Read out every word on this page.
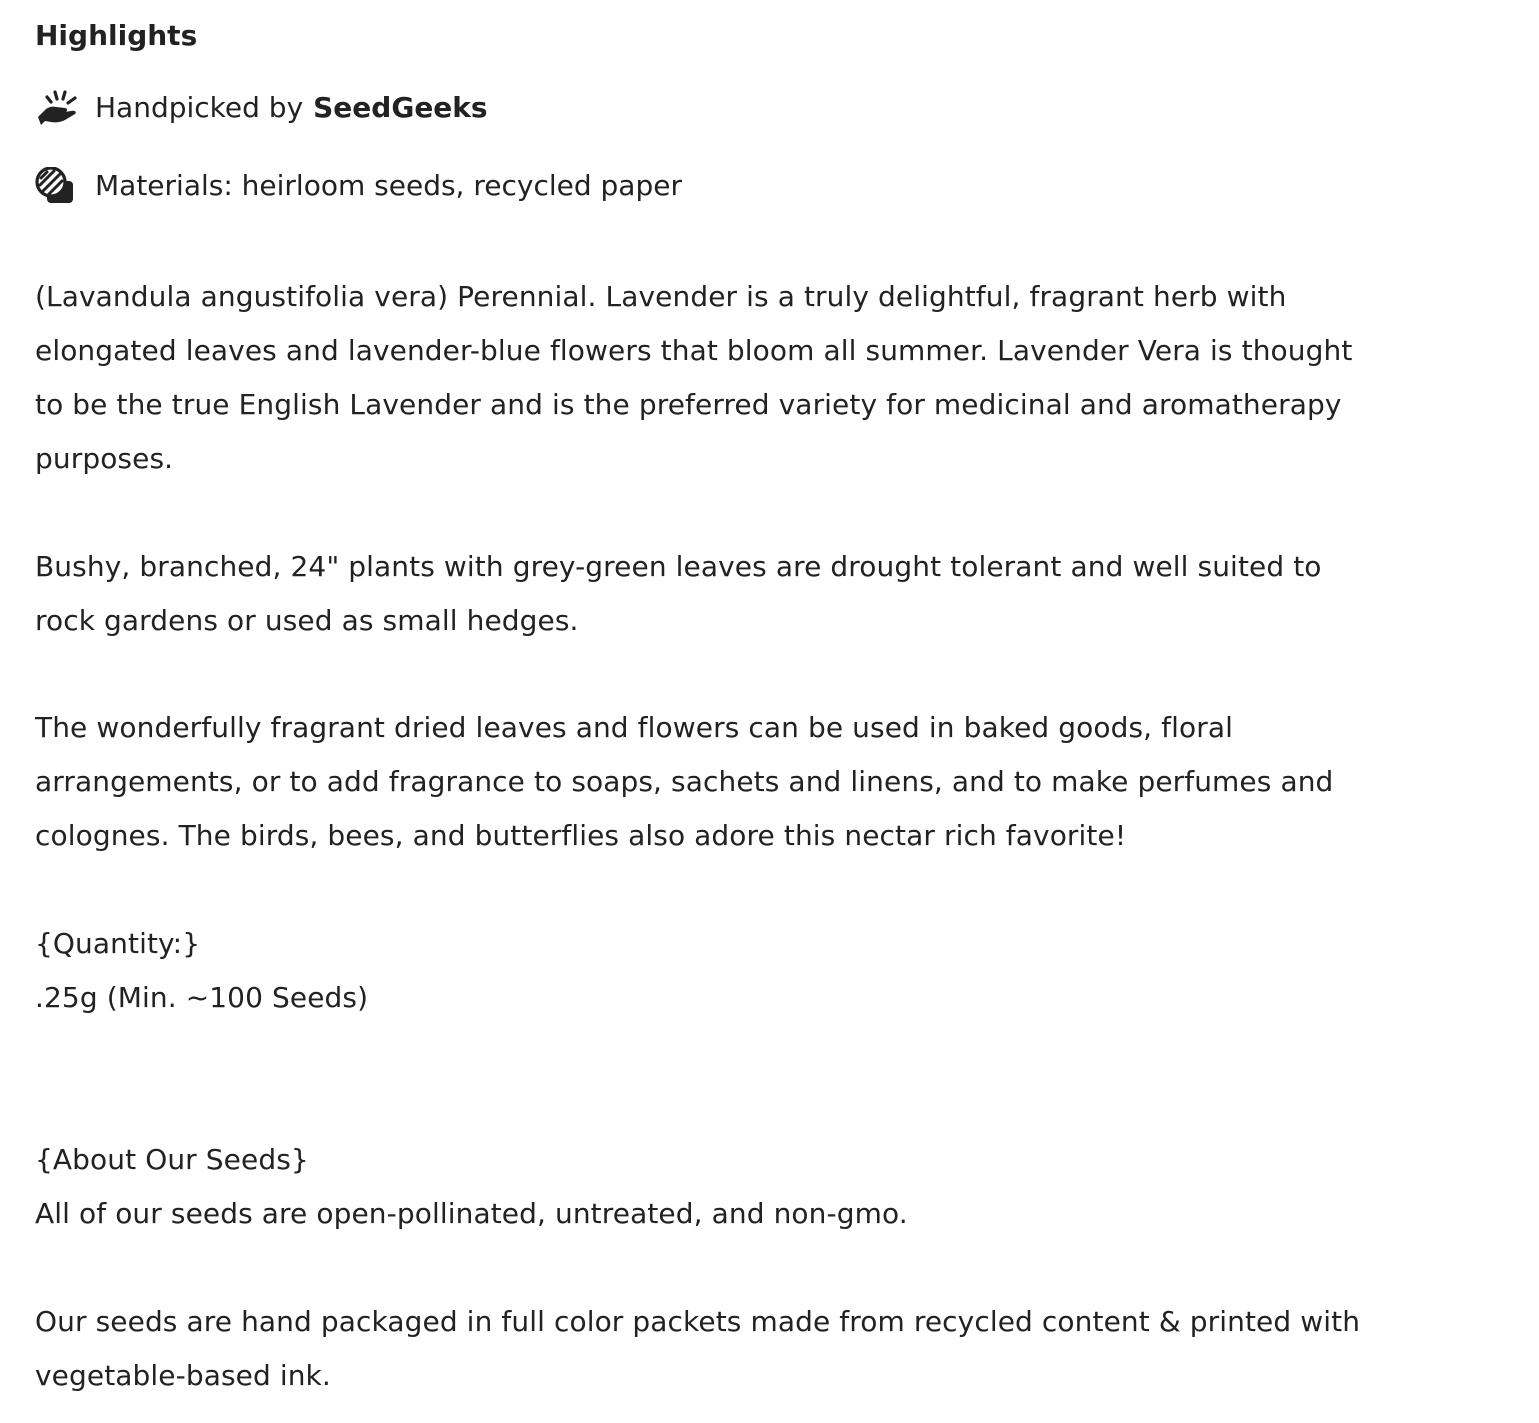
Highlights
Handpicked by SeedGeeks
Materials: heirloom seeds, recycled paper

(Lavandula angustifolia vera) Perennial. Lavender is a truly delightful, fragrant herb with
elongated leaves and lavender-blue flowers that bloom all summer. Lavender Vera is thought
to be the true English Lavender and is the preferred variety for medicinal and aromatherapy
purposes.

Bushy, branched, 24" plants with grey-green leaves are drought tolerant and well suited to
rock gardens or used as small hedges.

The wonderfully fragrant dried leaves and flowers can be used in baked goods, floral
arrangements, or to add fragrance to soaps, sachets and linens, and to make perfumes and
colognes. The birds, bees, and butterflies also adore this nectar rich favorite!

{Quantity:}
.25g (Min. ~100 Seeds)

{About Our Seeds}
All of our seeds are open-pollinated, untreated, and non-gmo.

Our seeds are hand packaged in full color packets made from recycled content & printed with
vegetable-based ink.
